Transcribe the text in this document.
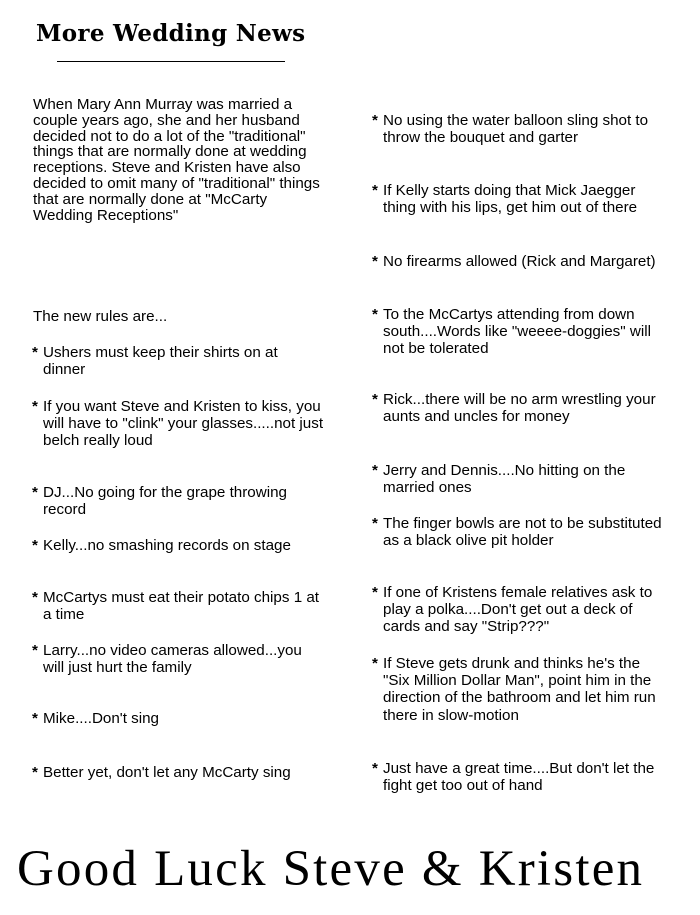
More Wedding News
When Mary Ann Murray was married a couple years ago, she and her husband decided not to do a lot of the "traditional" things that are normally done at wedding receptions. Steve and Kristen have also decided to omit many of "traditional" things that are normally done at "McCarty Wedding Receptions"
The new rules are...
* Ushers must keep their shirts on at dinner
* If you want Steve and Kristen to kiss, you will have to "clink" your glasses.....not just belch really loud
* DJ...No going for the grape throwing record
* Kelly...no smashing records on stage
* McCartys must eat their potato chips 1 at a time
* Larry...no video cameras allowed...you will just hurt the family
* Mike....Don't sing
* Better yet, don't let any McCarty sing
* No using the water balloon sling shot to throw the bouquet and garter
* If Kelly starts doing that Mick Jaegger thing with his lips, get him out of there
* No firearms allowed (Rick and Margaret)
* To the McCartys attending from down south....Words like "weeee-doggies" will not be tolerated
* Rick...there will be no arm wrestling your aunts and uncles for money
* Jerry and Dennis....No hitting on the married ones
* The finger bowls are not to be substituted as a black olive pit holder
* If one of Kristens female relatives ask to play a polka....Don't get out a deck of cards and say "Strip???"
* If Steve gets drunk and thinks he's the "Six Million Dollar Man", point him in the direction of the bathroom and let him run there in slow-motion
* Just have a great time....But don't let the fight get too out of hand
Good Luck Steve & Kristen
